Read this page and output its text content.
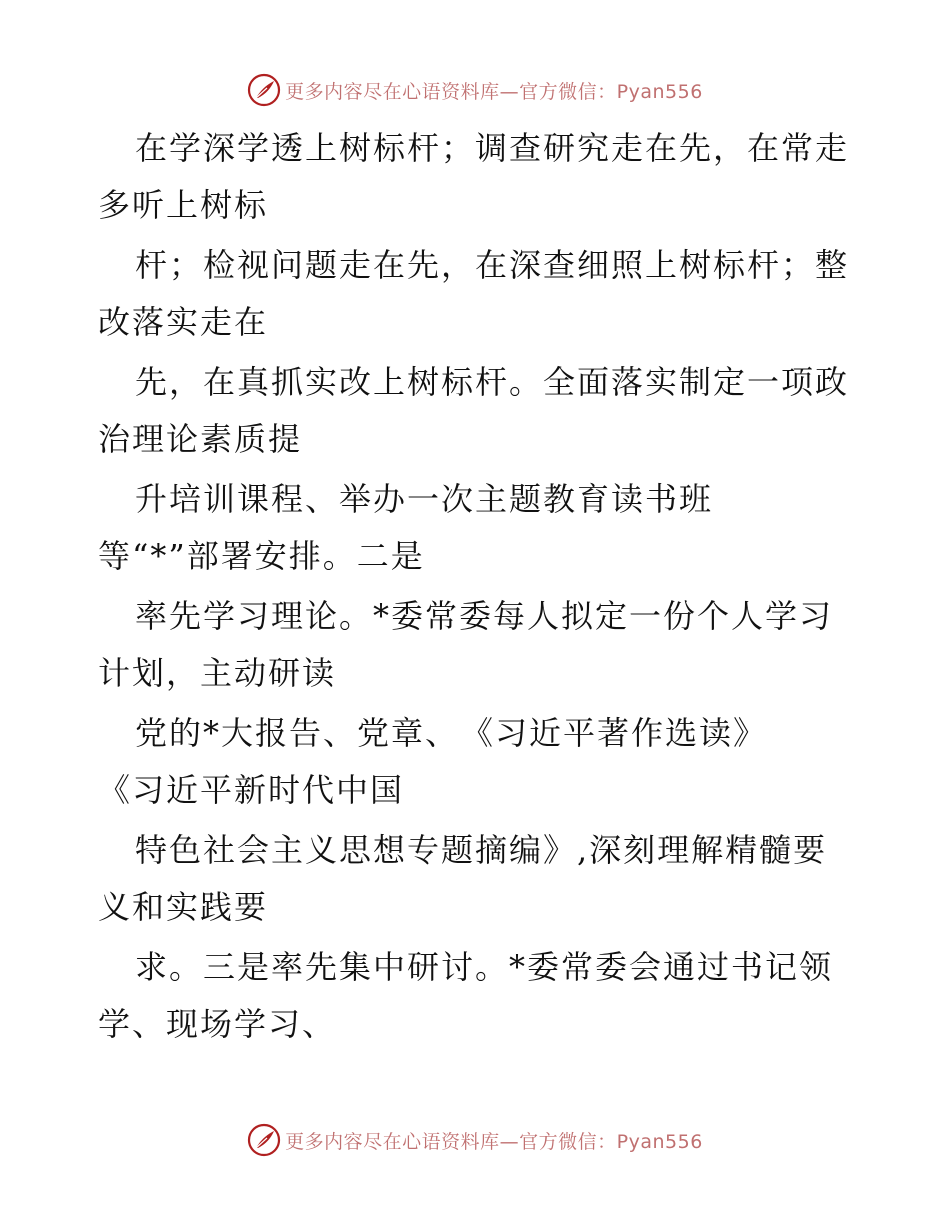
更多内容尽在心语资料库—官方微信：Pyan556
在学深学透上树标杆；调查研究走在先，在常走
多听上树标
杆；检视问题走在先，在深查细照上树标杆；整
改落实走在
先，在真抓实改上树标杆。全面落实制定一项政
治理论素质提
升培训课程、举办一次主题教育读书班
等“*”部署安排。二是
率先学习理论。*委常委每人拟定一份个人学习
计划，主动研读
党的*大报告、党章、　《习近平著作选读》
《习近平新时代中国
特色社会主义思想专题摘编》,深刻理解精髓要
义和实践要
求。三是率先集中研讨。*委常委会通过书记领
学、现场学习、
更多内容尽在心语资料库—官方微信：Pyan556
